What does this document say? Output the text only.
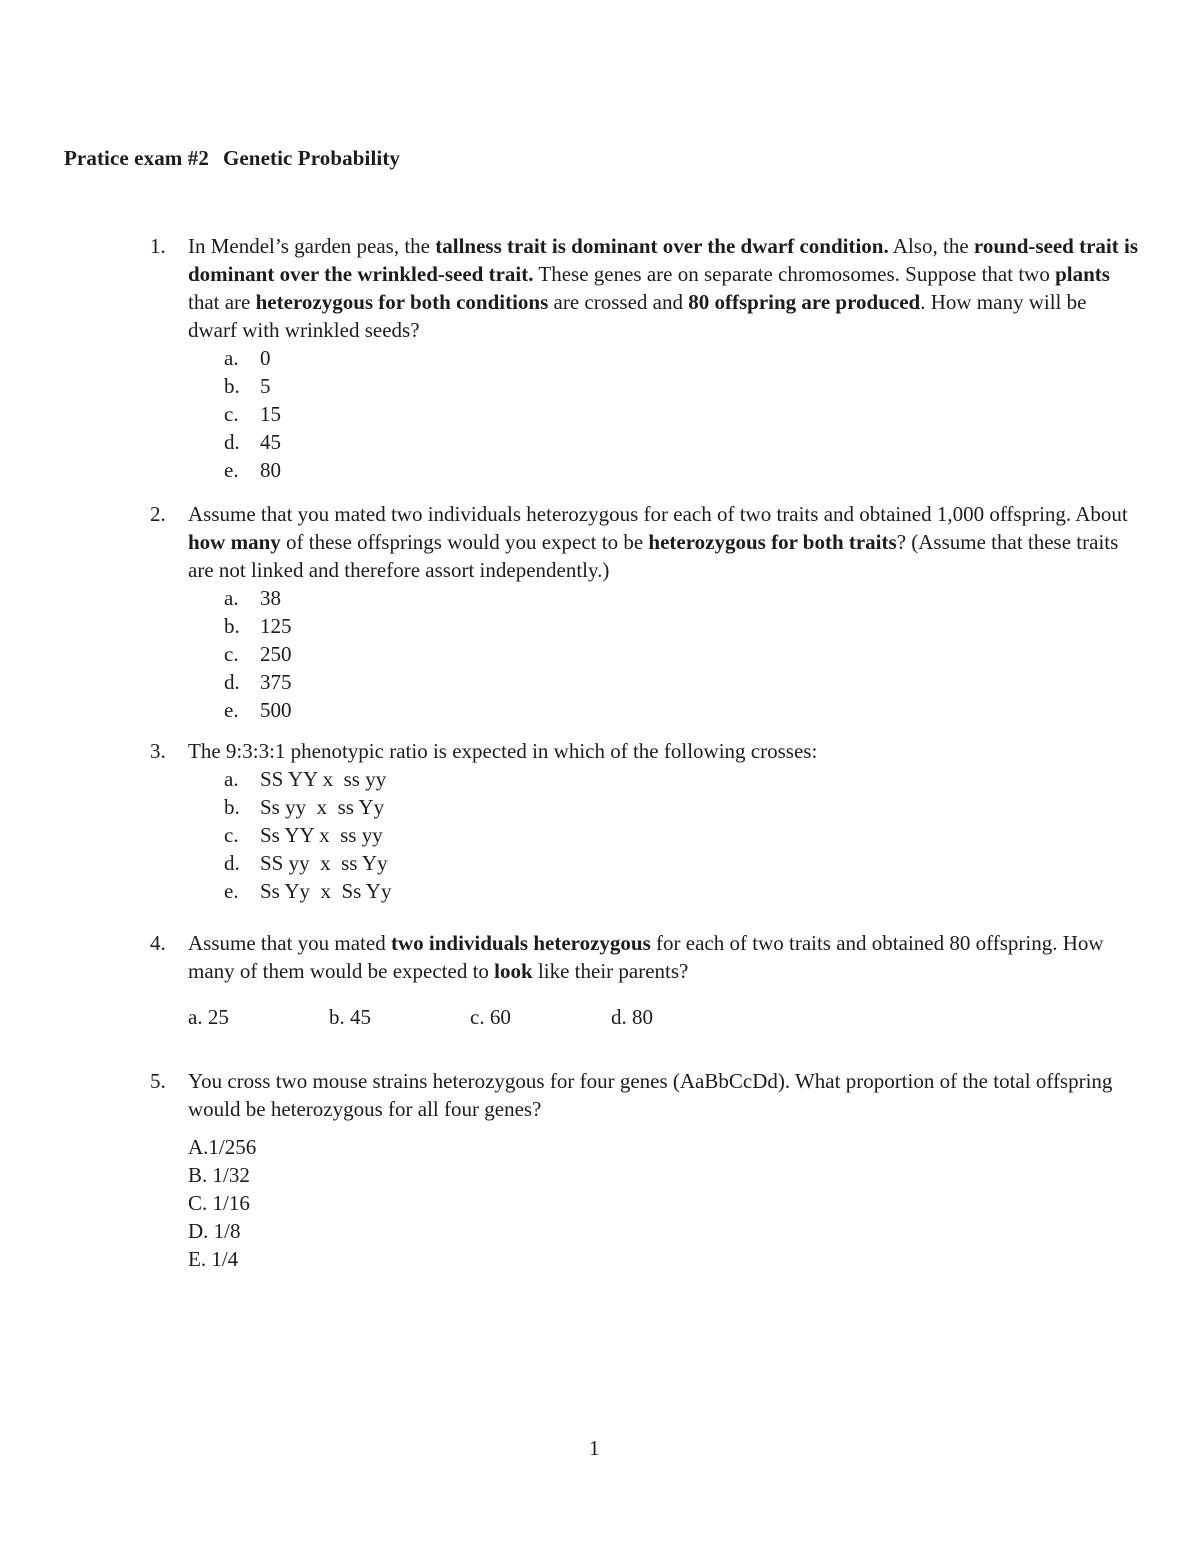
Pratice exam #2 Genetic Probability
1. In Mendel’s garden peas, the tallness trait is dominant over the dwarf condition. Also, the round-seed trait is dominant over the wrinkled-seed trait. These genes are on separate chromosomes. Suppose that two plants that are heterozygous for both conditions are crossed and 80 offspring are produced. How many will be dwarf with wrinkled seeds?
a. 0
b. 5
c. 15
d. 45
e. 80
2. Assume that you mated two individuals heterozygous for each of two traits and obtained 1,000 offspring. About how many of these offsprings would you expect to be heterozygous for both traits? (Assume that these traits are not linked and therefore assort independently.)
a. 38
b. 125
c. 250
d. 375
e. 500
3. The 9:3:3:1 phenotypic ratio is expected in which of the following crosses:
a. SS YY x  ss yy
b. Ss yy  x  ss Yy
c. Ss YY x  ss yy
d. SS yy  x  ss Yy
e. Ss Yy  x  Ss Yy
4. Assume that you mated two individuals heterozygous for each of two traits and obtained 80 offspring. How many of them would be expected to look like their parents?
a. 25	b. 45	c. 60	d. 80
5. You cross two mouse strains heterozygous for four genes (AaBbCcDd). What proportion of the total offspring would be heterozygous for all four genes?
A.1/256
B. 1/32
C. 1/16
D. 1/8
E. 1/4
1
